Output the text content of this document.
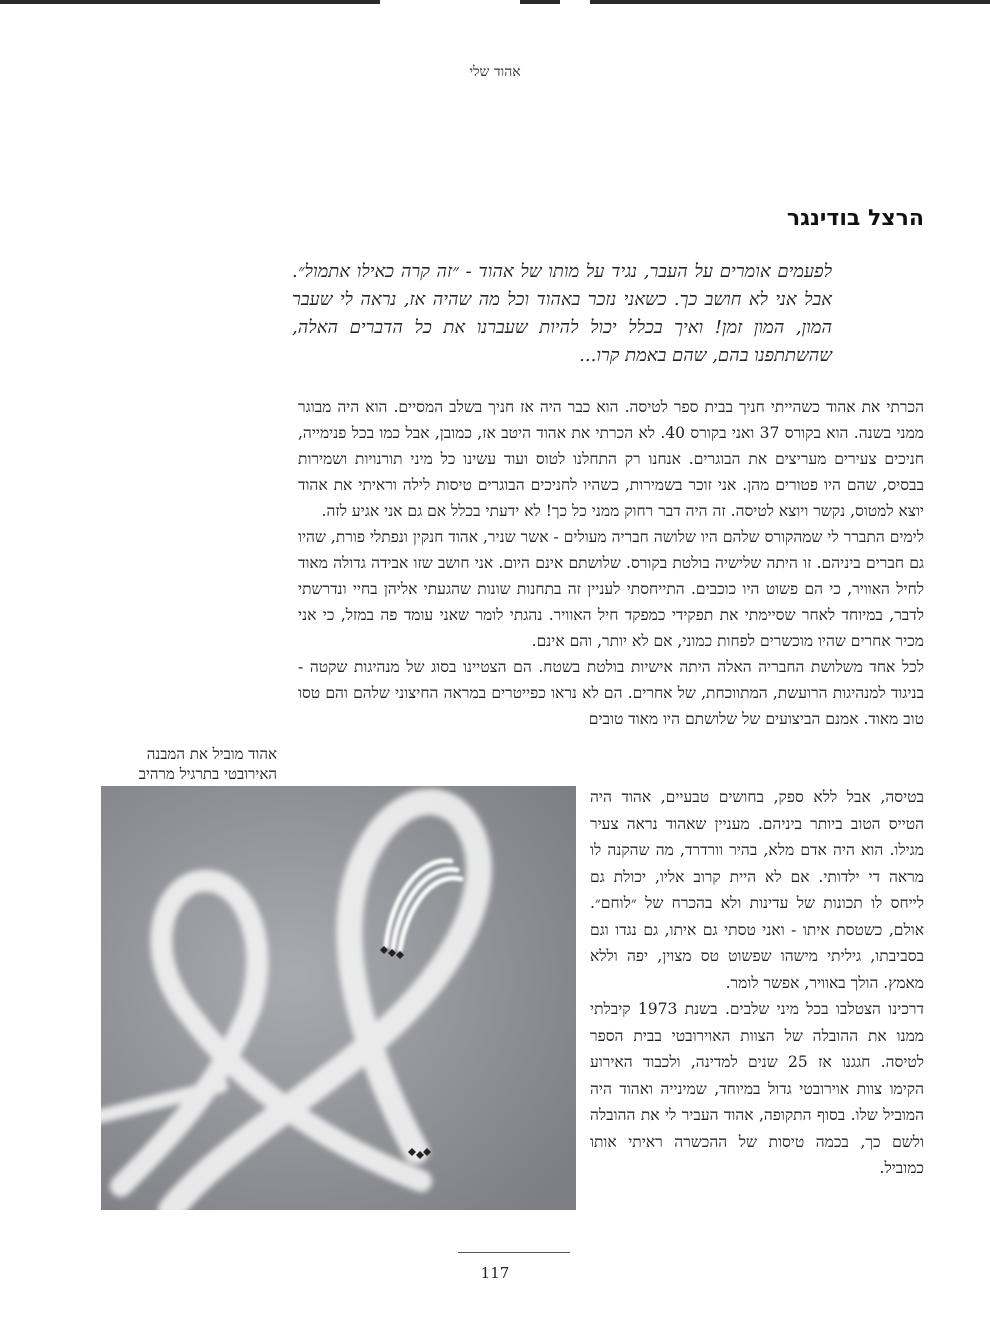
אהוד שלי
הרצל בודינגר

לפעמים אומרים על העבר, נגיד על מותו של אהוד - ״זה קרה כאילו אתמול״. אבל אני לא חושב כך. כשאני נזכר באהוד וכל מה שהיה אז, נראה לי שעבר המון, המון זמן! ואיך בכלל יכול להיות שעברנו את כל הדברים האלה, שהשתתפנו בהם, שהם באמת קרו...

הכרתי את אהוד כשהייתי חניך בבית ספר לטיסה. הוא כבר היה אז חניך בשלב המסיים. הוא היה מבוגר ממני בשנה. הוא בקורס 37 ואני בקורס 40. לא הכרתי את אהוד היטב אז, כמובן, אבל כמו בכל פנימייה, חניכים צעירים מעריצים את הבוגרים. אנחנו רק התחלנו לטוס ועוד עשינו כל מיני תורנויות ושמירות בבסיס, שהם היו פטורים מהן. אני זוכר בשמירות, כשהיו לחניכים הבוגרים טיסות לילה וראיתי את אהוד יוצא למטוס, נקשר ויוצא לטיסה. זה היה דבר רחוק ממני כל כך! לא ידעתי בכלל אם גם אני אגיע לזה.

לימים התברר לי שמהקורס שלהם היו שלושה חבריה מעולים - אשר שניר, אהוד חנקין ונפתלי פורת, שהיו גם חברים ביניהם. זו היתה שלישיה בולטת בקורס. שלושתם אינם היום. אני חושב שזו אבידה גדולה מאוד לחיל האוויר, כי הם פשוט היו כוכבים. התייחסתי לעניין זה בתחנות שונות שהגעתי אליהן בחיי ונדרשתי לדבר, במיוחד לאחר שסיימתי את תפקידי כמפקד חיל האוויר. נהגתי לומר שאני עומד פה במזל, כי אני מכיר אחרים שהיו מוכשרים לפחות כמוני, אם לא יותר, והם אינם.

לכל אחד משלושת החבריה האלה היתה אישיות בולטת בשטח. הם הצטיינו בסוג של מנהיגות שקטה - בניגוד למנהיגות הרועשת, המתווכחת, של אחרים. הם לא נראו כפייטרים במראה החיצוני שלהם והם טסו טוב מאוד. אמנם הביצועים של שלושתם היו מאוד טובים

אהוד מוביל את המבנה האירובטי בתרגיל מרהיב

בטיסה, אבל ללא ספק, בחושים טבעיים, אהוד היה הטייס הטוב ביותר ביניהם. מעניין שאהוד נראה צעיר מגילו. הוא היה אדם מלא, בהיר וורדרד, מה שהקנה לו מראה די ילדותי. אם לא היית קרוב אליו, יכולת גם לייחס לו תכונות של עדינות ולא בהכרח של ״לוחם״. אולם, כשטסת איתו - ואני טסתי גם איתו, גם נגדו וגם בסביבתו, גיליתי מישהו שפשוט טס מצוין, יפה וללא מאמץ. הולך באוויר, אפשר לומר.

דרכינו הצטלבו בכל מיני שלבים. בשנת 1973 קיבלתי ממנו את ההובלה של הצוות האוירובטי בבית הספר לטיסה. חגגנו אז 25 שנים למדינה, ולכבוד האירוע הקימו צוות אוירובטי גדול במיוחד, שמינייה ואהוד היה המוביל שלו. בסוף התקופה, אהוד העביר לי את ההובלה ולשם כך, בכמה טיסות של ההכשרה ראיתי אותו כמוביל.

117
